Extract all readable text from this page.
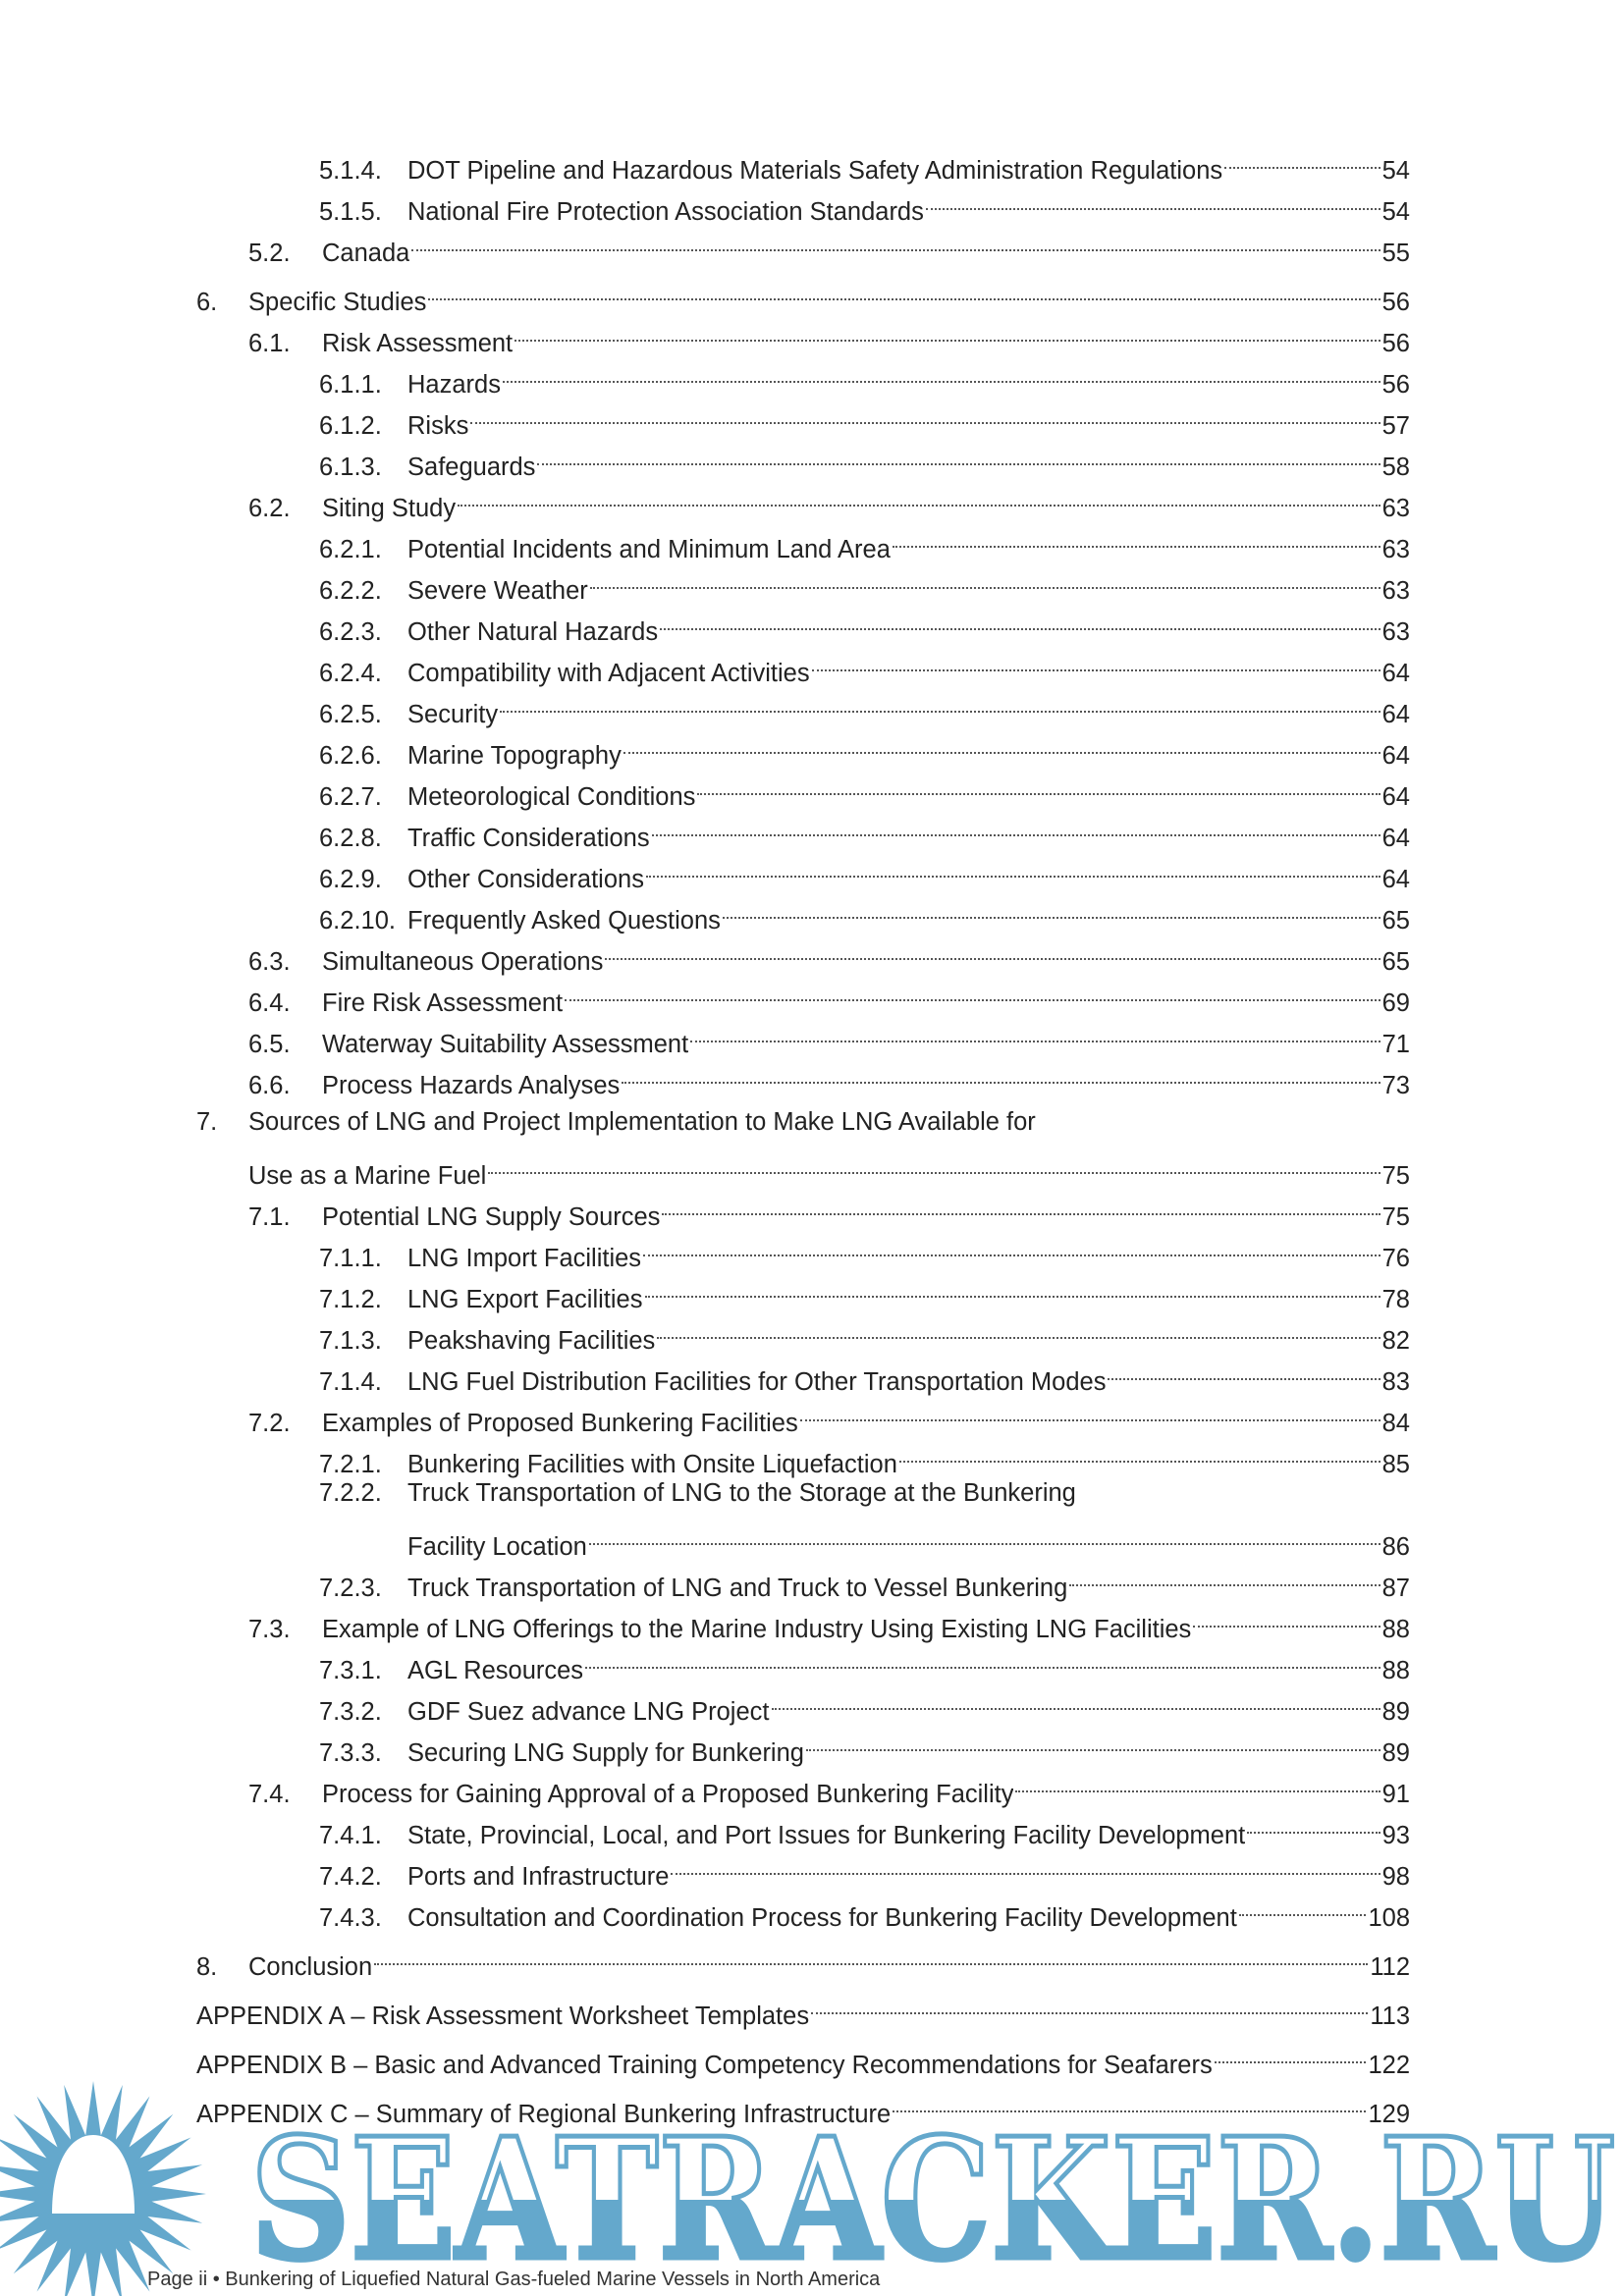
5.1.4.	DOT Pipeline and Hazardous Materials Safety Administration Regulations	54
5.1.5.	National Fire Protection Association Standards	54
5.2.	Canada	55
6.	Specific Studies	56
6.1.	Risk Assessment	56
6.1.1.	Hazards	56
6.1.2.	Risks	57
6.1.3.	Safeguards	58
6.2.	Siting Study	63
6.2.1.	Potential Incidents and Minimum Land Area	63
6.2.2.	Severe Weather	63
6.2.3.	Other Natural Hazards	63
6.2.4.	Compatibility with Adjacent Activities	64
6.2.5.	Security	64
6.2.6.	Marine Topography	64
6.2.7.	Meteorological Conditions	64
6.2.8.	Traffic Considerations	64
6.2.9.	Other Considerations	64
6.2.10. Frequently Asked Questions	65
6.3.	Simultaneous Operations	65
6.4.	Fire Risk Assessment	69
6.5.	Waterway Suitability Assessment	71
6.6.	Process Hazards Analyses	73
7.	Sources of LNG and Project Implementation to Make LNG Available for
Use as a Marine Fuel	75
7.1.	Potential LNG Supply Sources	75
7.1.1.	LNG Import Facilities	76
7.1.2.	LNG Export Facilities	78
7.1.3.	Peakshaving Facilities	82
7.1.4.	LNG Fuel Distribution Facilities for Other Transportation Modes	83
7.2.	Examples of Proposed Bunkering Facilities	84
7.2.1.	Bunkering Facilities with Onsite Liquefaction	85
7.2.2.	Truck Transportation of LNG to the Storage at the Bunkering
Facility Location	86
7.2.3.	Truck Transportation of LNG and Truck to Vessel Bunkering	87
7.3.	Example of LNG Offerings to the Marine Industry Using Existing LNG Facilities	88
7.3.1.	AGL Resources	88
7.3.2.	GDF Suez advance LNG Project	89
7.3.3.	Securing LNG Supply for Bunkering	89
7.4.	Process for Gaining Approval of a Proposed Bunkering Facility	91
7.4.1.	State, Provincial, Local, and Port Issues for Bunkering Facility Development	93
7.4.2.	Ports and Infrastructure	98
7.4.3.	Consultation and Coordination Process for Bunkering Facility Development	108
8.	Conclusion	112
APPENDIX A – Risk Assessment Worksheet Templates	113
APPENDIX B – Basic and Advanced Training Competency Recommendations for Seafarers	122
APPENDIX C – Summary of Regional Bunkering Infrastructure	129
SEATRACKER.RU
Page ii • Bunkering of Liquefied Natural Gas-fueled Marine Vessels in North America
